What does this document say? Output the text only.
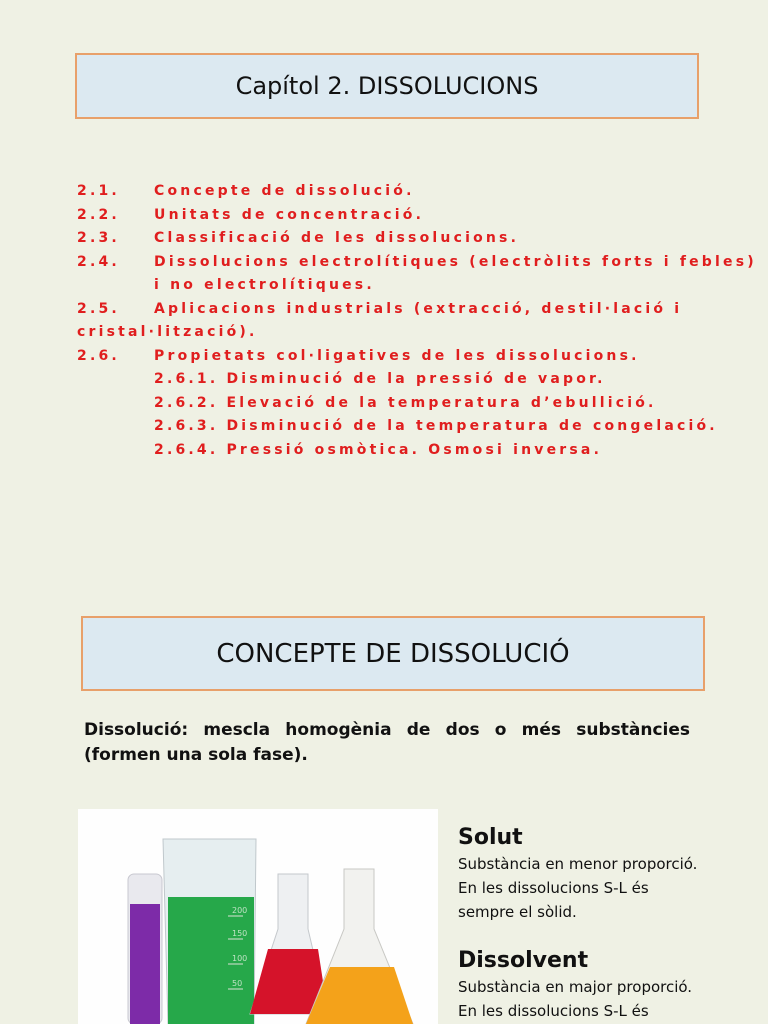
Capítol 2. DISSOLUCIONS
2.1.	Concepte de dissolució.
2.2.	Unitats de concentració.
2.3.	Classificació de les dissolucions.
2.4.	Dissolucions electrolítiques (electròlits forts i febles)
i no electrolítiques.
2.5.	Aplicacions industrials (extracció, destil·lació i
cristal·lització).
2.6.	Propietats col·ligatives de les dissolucions.
2.6.1. Disminució de la pressió de vapor.
2.6.2. Elevació de la temperatura d’ebullició.
2.6.3. Disminució de la temperatura de congelació.
2.6.4. Pressió osmòtica. Osmosi inversa.
CONCEPTE DE DISSOLUCIÓ
Dissolució: mescla homogènia de dos o més substàncies (formen una sola fase).
200
150
100
50
Solut

Substància en menor proporció.

En les dissolucions S-L és

sempre el sòlid.

Dissolvent

Substància en major proporció.

En les dissolucions S-L és
